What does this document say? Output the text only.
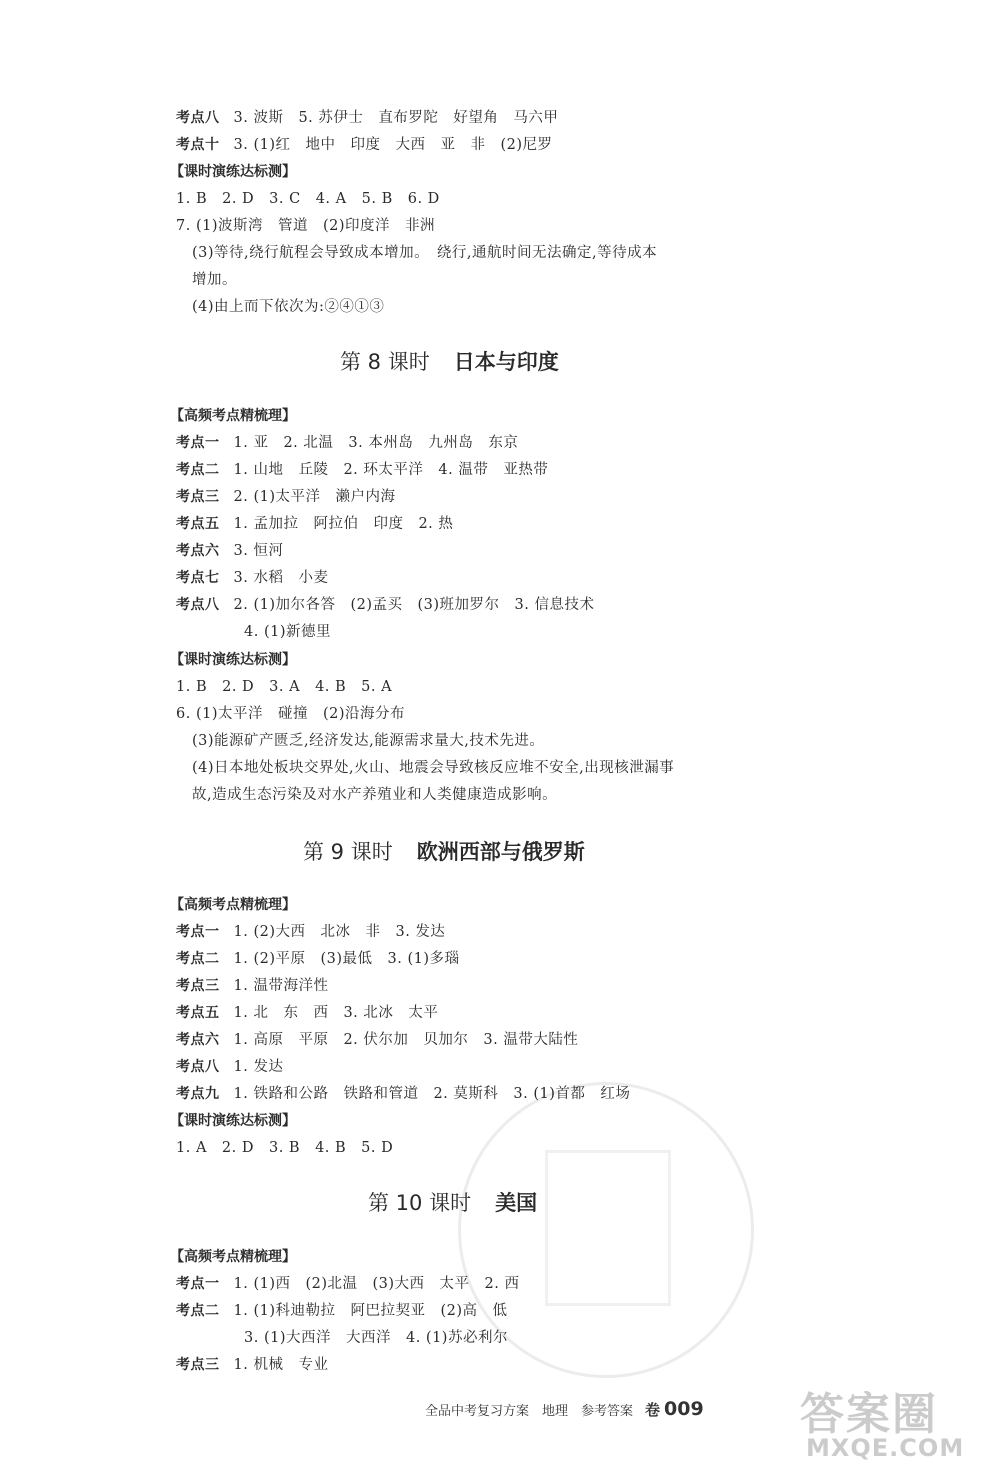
考点八 3. 波斯　5. 苏伊士　直布罗陀　好望角　马六甲
考点十 3. (1)红　地中　印度　大西　亚　非　(2)尼罗
【课时演练达标测】
1. B　2. D　3. C　4. A　5. B　6. D
7. (1)波斯湾　管道　(2)印度洋　非洲
(3)等待,绕行航程会导致成本增加。　绕行,通航时间无法确定,等待成本
增加。
(4)由上而下依次为:②④①③
第 8 课时 日本与印度
【高频考点精梳理】
考点一 1. 亚　2. 北温　3. 本州岛　九州岛　东京
考点二 1. 山地　丘陵　2. 环太平洋　4. 温带　亚热带
考点三 2. (1)太平洋　濑户内海
考点五 1. 孟加拉　阿拉伯　印度　2. 热
考点六 3. 恒河
考点七 3. 水稻　小麦
考点八 2. (1)加尔各答　(2)孟买　(3)班加罗尔　3. 信息技术
4. (1)新德里
【课时演练达标测】
1. B　2. D　3. A　4. B　5. A
6. (1)太平洋　碰撞　(2)沿海分布
(3)能源矿产匮乏,经济发达,能源需求量大,技术先进。
(4)日本地处板块交界处,火山、地震会导致核反应堆不安全,出现核泄漏事
故,造成生态污染及对水产养殖业和人类健康造成影响。
第 9 课时 欧洲西部与俄罗斯
【高频考点精梳理】
考点一 1. (2)大西　北冰　非　3. 发达
考点二 1. (2)平原　(3)最低　3. (1)多瑙
考点三 1. 温带海洋性
考点五 1. 北　东　西　3. 北冰　太平
考点六 1. 高原　平原　2. 伏尔加　贝加尔　3. 温带大陆性
考点八 1. 发达
考点九 1. 铁路和公路　铁路和管道　2. 莫斯科　3. (1)首都　红场
【课时演练达标测】
1. A　2. D　3. B　4. B　5. D
第 10 课时 美国
【高频考点精梳理】
考点一 1. (1)西　(2)北温　(3)大西　太平　2. 西
考点二 1. (1)科迪勒拉　阿巴拉契亚　(2)高　低
3. (1)大西洋　大西洋　4. (1)苏必利尔
考点三 1. 机械　专业
全品中考复习方案　地理　参考答案 卷 009 答案圈
MXQE.COM
